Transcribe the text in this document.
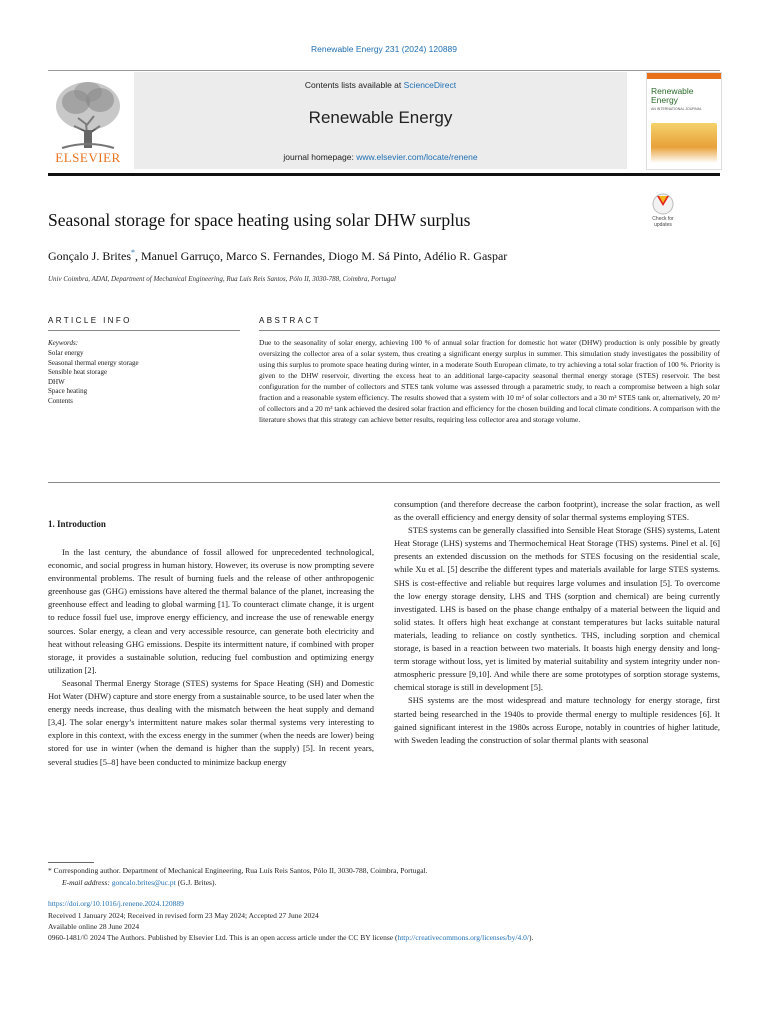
Renewable Energy 231 (2024) 120889
ELSEVIER
Contents lists available at ScienceDirect
Renewable Energy
journal homepage: www.elsevier.com/locate/renene
Renewable Energy
AN INTERNATIONAL JOURNAL
Seasonal storage for space heating using solar DHW surplus	Check for updates
Gonçalo J. Brites*, Manuel Garruço, Marco S. Fernandes, Diogo M. Sá Pinto, Adélio R. Gaspar
Univ Coimbra, ADAI, Department of Mechanical Engineering, Rua Luís Reis Santos, Pólo II, 3030-788, Coimbra, Portugal
ARTICLE INFO
Keywords:
Solar energy
Seasonal thermal energy storage
Sensible heat storage
DHW
Space heating
Contents
ABSTRACT
Due to the seasonality of solar energy, achieving 100 % of annual solar fraction for domestic hot water (DHW) production is only possible by greatly oversizing the collector area of a solar system, thus creating a significant energy surplus in summer. This simulation study investigates the possibility of using this surplus to promote space heating during winter, in a moderate South European climate, to try achieving a total solar fraction of 100 %. Priority is given to the DHW reservoir, diverting the excess heat to an additional large-capacity seasonal thermal energy storage (STES) reservoir. The best configuration for the number of collectors and STES tank volume was assessed through a parametric study, to reach a compromise between a high solar fraction and a reasonable system efficiency. The results showed that a system with 10 m² of solar collectors and a 30 m³ STES tank or, alternatively, 20 m² of collectors and a 20 m³ tank achieved the desired solar fraction and efficiency for the chosen building and local climate conditions. A comparison with the literature shows that this strategy can achieve better results, requiring less collector area and storage volume.
1. Introduction

In the last century, the abundance of fossil allowed for unprecedented technological, economic, and social progress in human history. However, its overuse is now prompting severe environmental problems. The result of burning fuels and the release of other anthropogenic greenhouse gas (GHG) emissions have altered the thermal balance of the planet, increasing the greenhouse effect and leading to global warming [1]. To counteract climate change, it is urgent to reduce fossil fuel use, improve energy efficiency, and increase the use of renewable energy sources. Solar energy, a clean and very accessible resource, can generate both electricity and heat without releasing GHG emissions. Despite its intermittent nature, if combined with proper storage, it provides a sustainable solution, reducing fuel combustion and optimizing energy utilization [2].

Seasonal Thermal Energy Storage (STES) systems for Space Heating (SH) and Domestic Hot Water (DHW) capture and store energy from a sustainable source, to be used later when the energy needs increase, thus dealing with the mismatch between the heat supply and demand [3,4]. The solar energy’s intermittent nature makes solar thermal systems very interesting to explore in this context, with the excess energy in the summer (when the needs are lower) being stored for use in winter (when the demand is higher than the supply) [5]. In recent years, several studies [5–8] have been conducted to minimize backup energy

consumption (and therefore decrease the carbon footprint), increase the solar fraction, as well as the overall efficiency and energy density of solar thermal systems employing STES.

STES systems can be generally classified into Sensible Heat Storage (SHS) systems, Latent Heat Storage (LHS) systems and Thermochemical Heat Storage (THS) systems. Pinel et al. [6] presents an extended discussion on the methods for STES focusing on the residential scale, while Xu et al. [5] describe the different types and materials available for large STES systems. SHS is cost-effective and reliable but requires large volumes and insulation [5]. To overcome the low energy storage density, LHS and THS (sorption and chemical) are being currently investigated. LHS is based on the phase change enthalpy of a material between the liquid and solid states. It offers high heat exchange at constant temperatures but lacks suitable natural materials, leading to reliance on costly synthetics. THS, including sorption and chemical storage, is based in a reaction between two materials. It boasts high energy density and long-term storage without loss, yet is limited by material suitability and system integrity under non-atmospheric pressure [9,10]. And while there are some prototypes of sorption storage systems, chemical storage is still in development [5].

SHS systems are the most widespread and mature technology for energy storage, first started being researched in the 1940s to provide thermal energy to multiple residences [6]. It gained significant interest in the 1980s across Europe, notably in countries of higher latitude, with Sweden leading the construction of solar thermal plants with seasonal

* Corresponding author. Department of Mechanical Engineering, Rua Luís Reis Santos, Pólo II, 3030-788, Coimbra, Portugal.
E-mail address: goncalo.brites@uc.pt (G.J. Brites).
https://doi.org/10.1016/j.renene.2024.120889
Received 1 January 2024; Received in revised form 23 May 2024; Accepted 27 June 2024
Available online 28 June 2024
0960-1481/© 2024 The Authors. Published by Elsevier Ltd. This is an open access article under the CC BY license (http://creativecommons.org/licenses/by/4.0/).
